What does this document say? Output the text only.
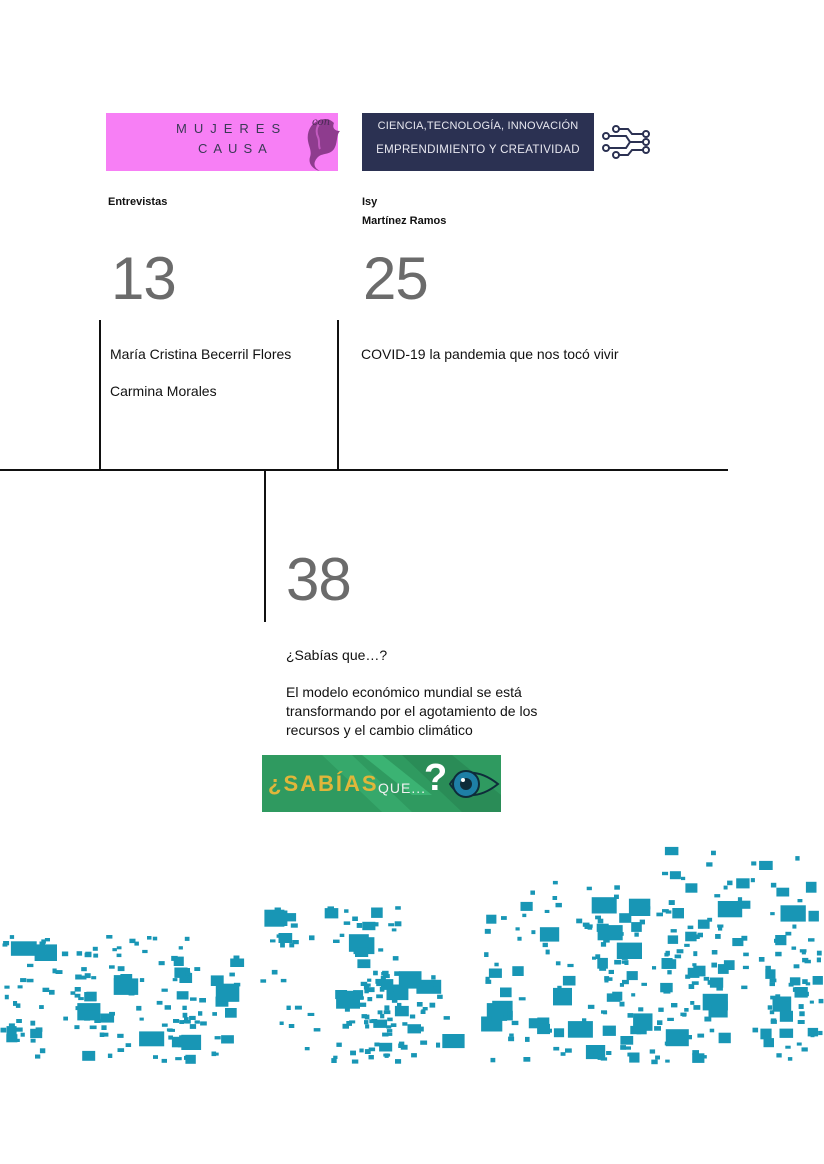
MUJERES
CAUSA
con	CIENCIA,TECNOLOGÍA, INNOVACIÓN
EMPRENDIMIENTO Y CREATIVIDAD
Entrevistas
13
María Cristina Becerril Flores
Carmina Morales
Isy
Martínez Ramos
25
COVID-19 la pandemia que nos tocó vivir
38
¿Sabías que…?
El modelo económico mundial se está transformando por el agotamiento de los recursos y el cambio climático
¿SABÍAS QUE...
?
